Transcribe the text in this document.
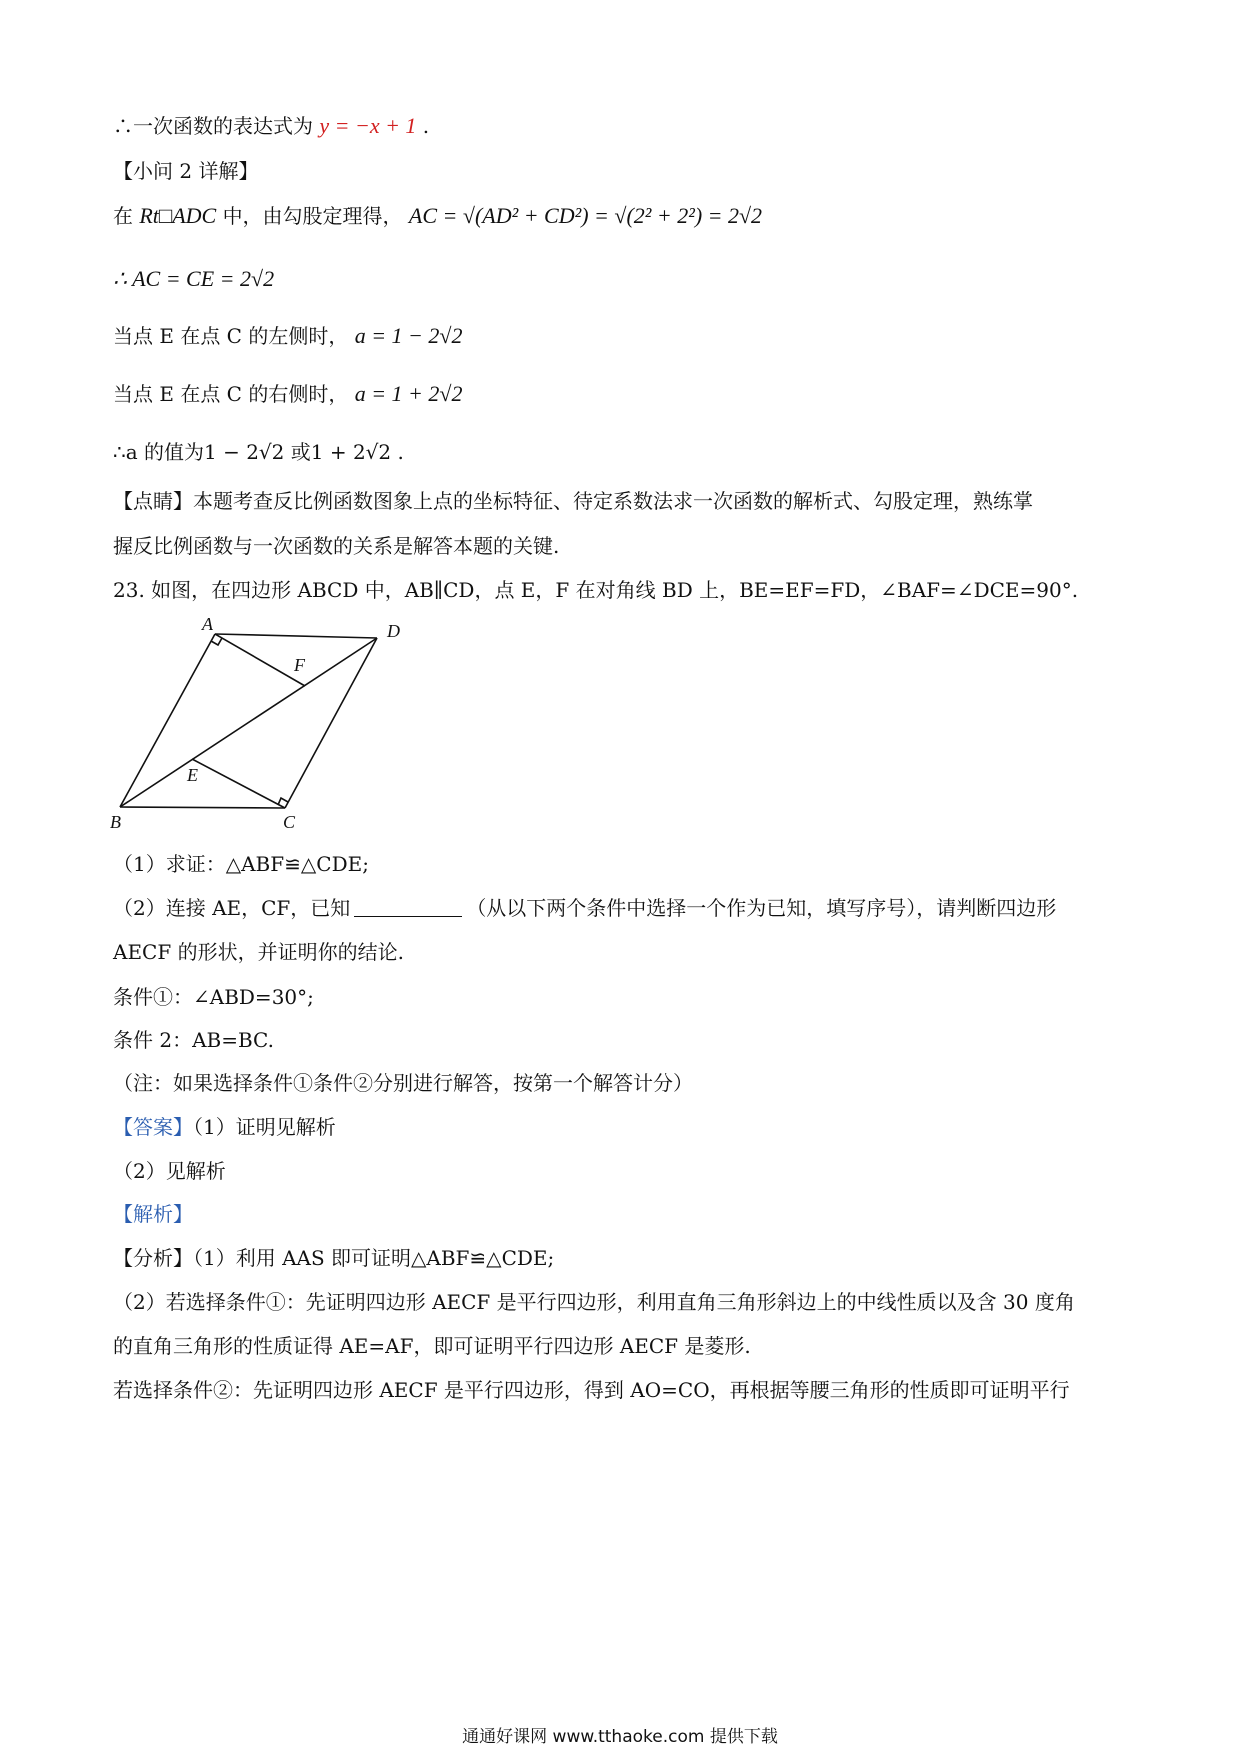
∴一次函数的表达式为 y = −x + 1 .
【小问 2 详解】
在 Rt□ADC 中，由勾股定理得， AC = √(AD² + CD²) = √(2² + 2²) = 2√2
∴ AC = CE = 2√2
当点 E 在点 C 的左侧时， a = 1 − 2√2
当点 E 在点 C 的右侧时， a = 1 + 2√2
∴a 的值为1 − 2√2 或1 + 2√2 .
【点睛】本题考查反比例函数图象上点的坐标特征、待定系数法求一次函数的解析式、勾股定理，熟练掌
握反比例函数与一次函数的关系是解答本题的关键.
23. 如图，在四边形 ABCD 中，AB∥CD，点 E，F 在对角线 BD 上，BE=EF=FD，∠BAF=∠DCE=90°.
A	D
F
E
B	C
（1）求证：△ABF≌△CDE;
（2）连接 AE，CF，已知	（从以下两个条件中选择一个作为已知，填写序号），请判断四边形
AECF 的形状，并证明你的结论.
条件①：∠ABD=30°;
条件 2：AB=BC.
（注：如果选择条件①条件②分别进行解答，按第一个解答计分）
【答案】（1）证明见解析
（2）见解析
【解析】
【分析】（1）利用 AAS 即可证明△ABF≌△CDE;
（2）若选择条件①：先证明四边形 AECF 是平行四边形，利用直角三角形斜边上的中线性质以及含 30 度角
的直角三角形的性质证得 AE=AF，即可证明平行四边形 AECF 是菱形.
若选择条件②：先证明四边形 AECF 是平行四边形，得到 AO=CO，再根据等腰三角形的性质即可证明平行
通通好课网 www.tthaoke.com 提供下载
